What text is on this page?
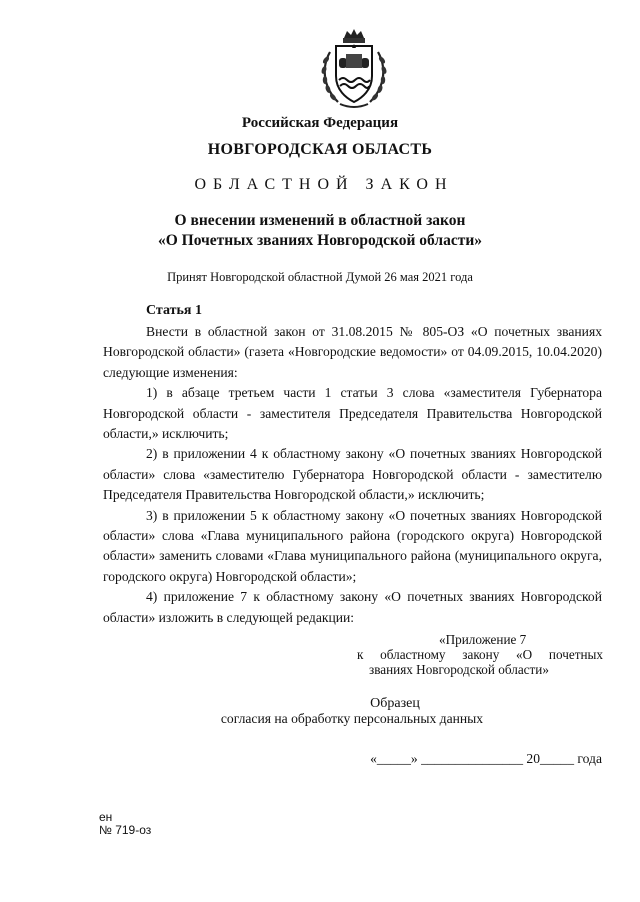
Российская Федерация
НОВГОРОДСКАЯ ОБЛАСТЬ
ОБЛАСТНОЙ ЗАКОН
О внесении изменений в областной закон
«О Почетных званиях Новгородской области»
Принят Новгородской областной Думой 26 мая 2021 года
Статья 1

Внести в областной закон от 31.08.2015 № 805-ОЗ «О почетных званиях Новгородской области» (газета «Новгородские ведомости» от 04.09.2015, 10.04.2020) следующие изменения:

1) в абзаце третьем части 1 статьи 3 слова «заместителя Губернатора Новгородской области - заместителя Председателя Правительства Новгородской области,» исключить;

2) в приложении 4 к областному закону «О почетных званиях Новгородской области» слова «заместителю Губернатора Новгородской области - заместителю Председателя Правительства Новгородской области,» исключить;

3) в приложении 5 к областному закону «О почетных званиях Новгородской области» слова «Глава муниципального района (городского округа) Новгородской области» заменить словами «Глава муниципального района (муниципального округа, городского округа) Новгородской области»;

4) приложение 7 к областному закону «О почетных званиях Новгородской области» изложить в следующей редакции:

«Приложение 7
к областному закону «О почетных
званиях Новгородской области»
Образец
согласия на обработку персональных данных
«_____» _______________ 20_____ года
ен
№ 719-оз
